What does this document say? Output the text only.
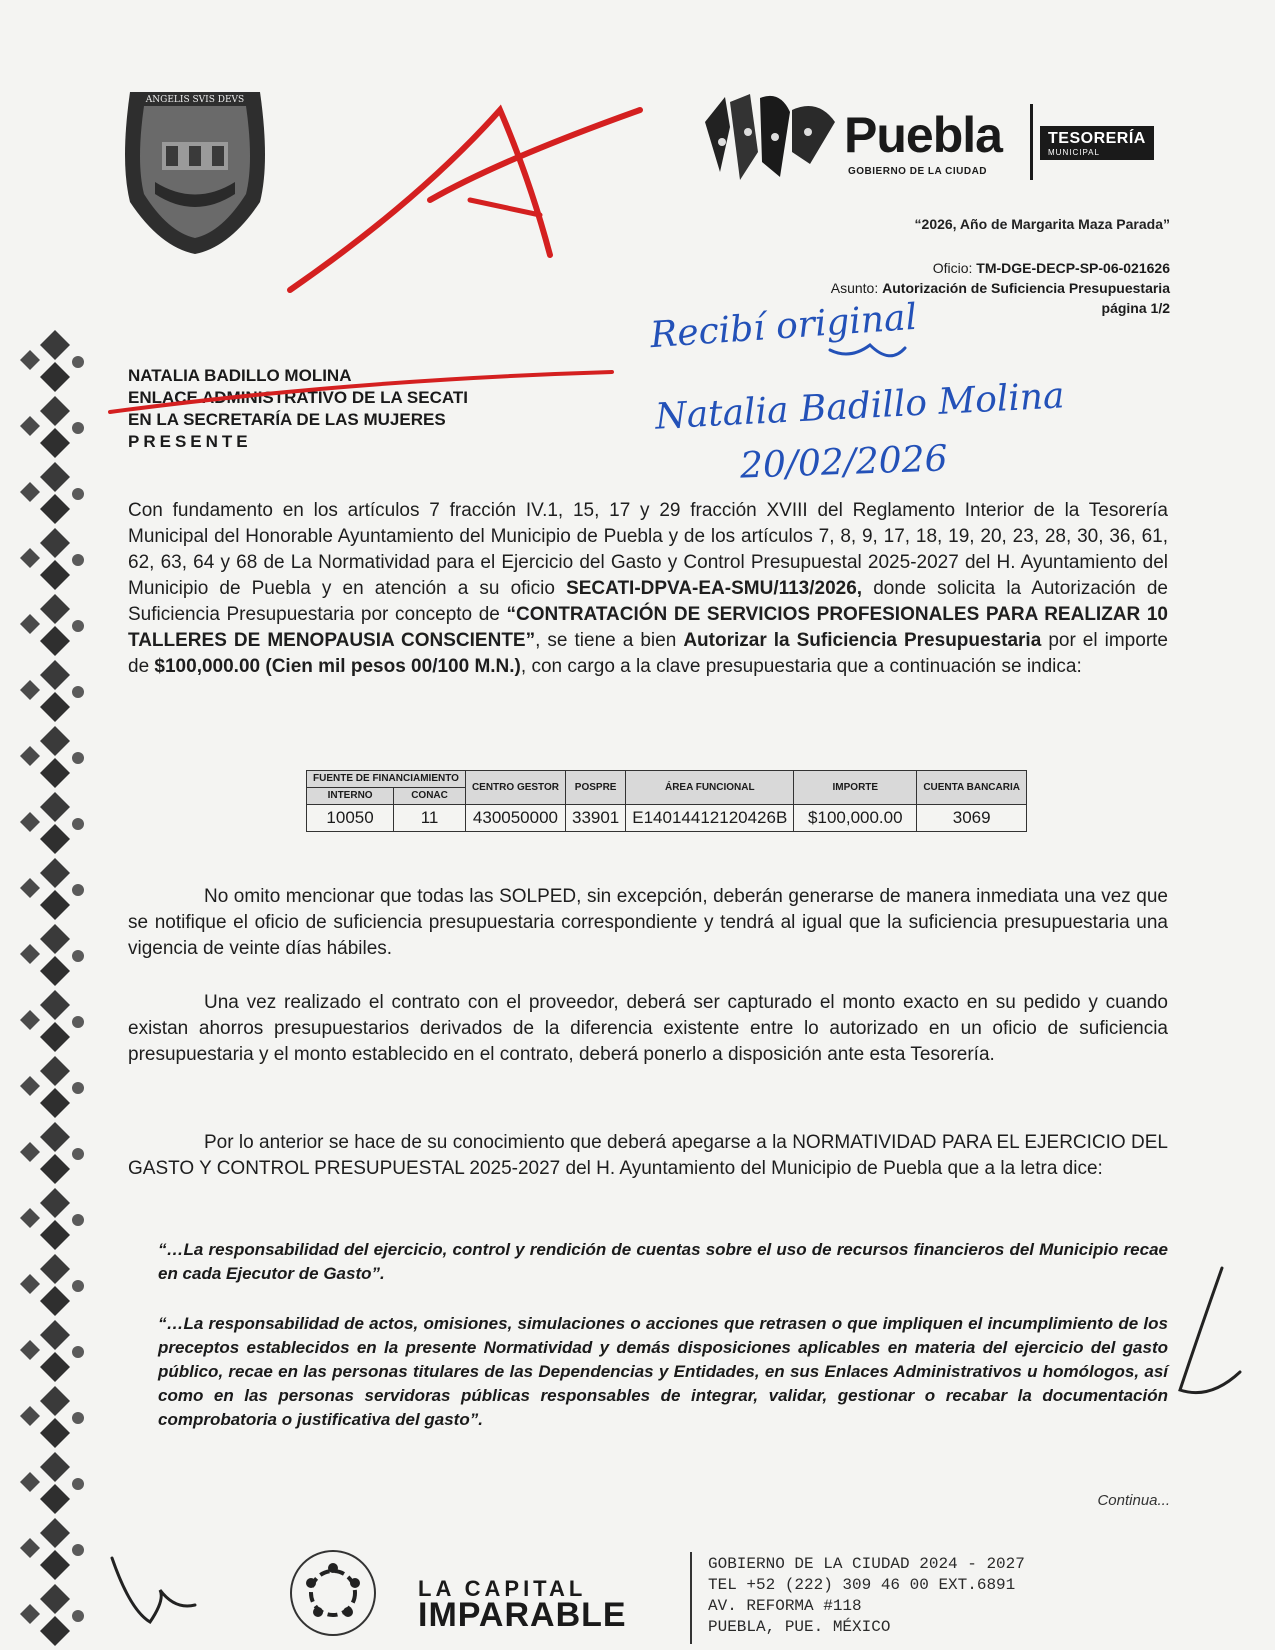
ANGELIS SVIS DEVS
Puebla
GOBIERNO DE LA CIUDAD
TESORERÍA
MUNICIPAL
“2026, Año de Margarita Maza Parada”
Oficio: TM-DGE-DECP-SP-06-021626
Asunto: Autorización de Suficiencia Presupuestaria
página 1/2
Recibí original
Natalia Badillo Molina
20/02/2026
NATALIA BADILLO MOLINA
ENLACE ADMINISTRATIVO DE LA SECATI
EN LA SECRETARÍA DE LAS MUJERES
PRESENTE
Con fundamento en los artículos 7 fracción IV.1, 15, 17 y 29 fracción XVIII del Reglamento Interior de la Tesorería Municipal del Honorable Ayuntamiento del Municipio de Puebla y de los artículos 7, 8, 9, 17, 18, 19, 20, 23, 28, 30, 36, 61, 62, 63, 64 y 68 de La Normatividad para el Ejercicio del Gasto y Control Presupuestal 2025-2027 del H. Ayuntamiento del Municipio de Puebla y en atención a su oficio SECATI-DPVA-EA-SMU/113/2026, donde solicita la Autorización de Suficiencia Presupuestaria por concepto de “CONTRATACIÓN DE SERVICIOS PROFESIONALES PARA REALIZAR 10 TALLERES DE MENOPAUSIA CONSCIENTE”, se tiene a bien Autorizar la Suficiencia Presupuestaria por el importe de $100,000.00 (Cien mil pesos 00/100 M.N.), con cargo a la clave presupuestaria que a continuación se indica:
FUENTE DE FINANCIAMIENTO		CENTRO GESTOR	POSPRE	ÁREA FUNCIONAL	IMPORTE	CUENTA BANCARIA
INTERNO	CONAC					
10050	11	430050000	33901	E14014412120426B	$100,000.00	3069
No omito mencionar que todas las SOLPED, sin excepción, deberán generarse de manera inmediata una vez que se notifique el oficio de suficiencia presupuestaria correspondiente y tendrá al igual que la suficiencia presupuestaria una vigencia de veinte días hábiles.
Una vez realizado el contrato con el proveedor, deberá ser capturado el monto exacto en su pedido y cuando existan ahorros presupuestarios derivados de la diferencia existente entre lo autorizado en un oficio de suficiencia presupuestaria y el monto establecido en el contrato, deberá ponerlo a disposición ante esta Tesorería.
Por lo anterior se hace de su conocimiento que deberá apegarse a la NORMATIVIDAD PARA EL EJERCICIO DEL GASTO Y CONTROL PRESUPUESTAL 2025-2027 del H. Ayuntamiento del Municipio de Puebla que a la letra dice:
“…La responsabilidad del ejercicio, control y rendición de cuentas sobre el uso de recursos financieros del Municipio recae en cada Ejecutor de Gasto”.
“…La responsabilidad de actos, omisiones, simulaciones o acciones que retrasen o que impliquen el incumplimiento de los preceptos establecidos en la presente Normatividad y demás disposiciones aplicables en materia del ejercicio del gasto público, recae en las personas titulares de las Dependencias y Entidades, en sus Enlaces Administrativos u homólogos, así como en las personas servidoras públicas responsables de integrar, validar, gestionar o recabar la documentación comprobatoria o justificativa del gasto”.
Continua...
LA CAPITAL
IMPARABLE
GOBIERNO DE LA CIUDAD 2024 - 2027
TEL +52 (222) 309 46 00 EXT.6891
AV. REFORMA #118
PUEBLA, PUE. MÉXICO
